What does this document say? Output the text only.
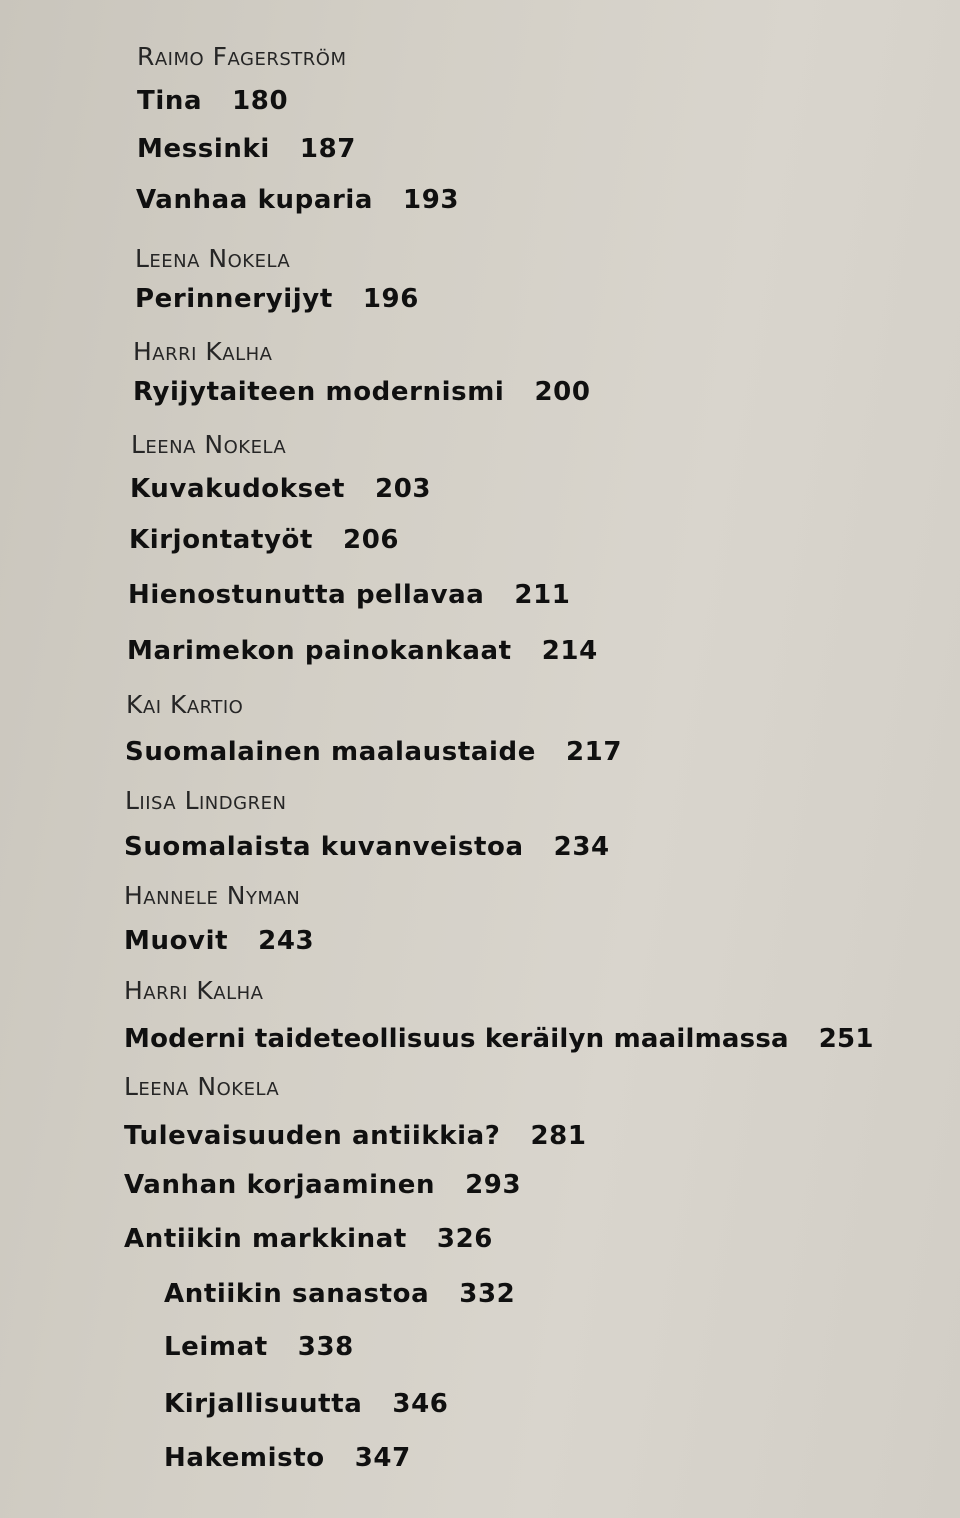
Raimo Fagerström
Tina 180
Messinki 187
Vanhaa kuparia 193
Leena Nokela
Perinneryijyt 196
Harri Kalha
Ryijytaiteen modernismi 200
Leena Nokela
Kuvakudokset 203
Kirjontatyöt 206
Hienostunutta pellavaa 211
Marimekon painokankaat 214
Kai Kartio
Suomalainen maalaustaide 217
Liisa Lindgren
Suomalaista kuvanveistoa 234
Hannele Nyman
Muovit 243
Harri Kalha
Moderni taideteollisuus keräilyn maailmassa 251
Leena Nokela
Tulevaisuuden antiikkia? 281
Vanhan korjaaminen 293
Antiikin markkinat 326
Antiikin sanastoa 332
Leimat 338
Kirjallisuutta 346
Hakemisto 347
